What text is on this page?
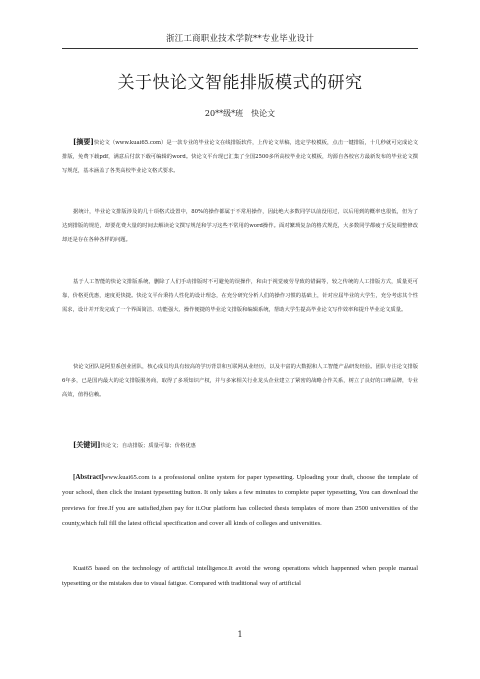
浙江工商职业技术学院**专业毕业设计
关于快论文智能排版模式的研究
20**级*班　快论文

[摘要]快论文（www.kuai65.com）是一款专业的毕业论文在线排版软件，上传论文草稿，选定学校模板，点击一键排版，十几秒就可完成论文排版，免费下载pdf，满意后付款下载可编辑的word。快论文平台现已汇集了全国2500多所高校毕业论文模板，均源自各校官方最新发布的毕业论文撰写规范，基本涵盖了各类高校毕业论文格式要求。

据统计，毕业论文排版涉及的几十项格式设置中，80%的操作都属于不常用操作，因此绝大多数同学以前没用过，以后用到的概率也很低，但为了达到排版的规范，却要花费大量的时间去解读论文撰写规范和学习这些不常用的word操作。面对繁琐复杂的格式规范，大多数同学都疲于反复调整修改却还是存在各种各样的问题。

基于人工智能的快论文排版系统，删除了人们手动排版时不可避免的误操作，和由于视觉疲劳导致的错漏等，较之传统的人工排版方式，质量更可靠，价格更优惠，速度更快捷。快论文平台秉持人性化的设计理念，在充分研究分析人们的操作习惯的基础上，针对应届毕业的大学生，充分考虑其个性需求，设计并开发完成了一个界面简洁、功能强大、操作便捷的毕业论文排版和编辑系统，帮助大学生提高毕业论文写作效率和提升毕业论文质量。

快论文团队是阿里系创业团队，核心成员均具有较高的学历背景和互联网从业经历，以及丰富的大数据和人工智能产品研发经验。团队专注论文排版6年多，已是国内最大的论文排版服务商，取得了多项知识产权，并与多家相关行业龙头企业建立了紧密的战略合作关系，树立了良好的口碑品牌，专业高效，值得信赖。

[关键词]快论文；自动排版；质量可靠；价格优惠

[Abstract]www.kuai65.com is a professional online system for paper typesetting. Uploading your draft, choose the template of your school, then click the instant typesetting button. It only takes a few minutes to complete paper typesetting, You can download the previews for free.If you are satisfied,then pay for it.Our platform has collected thesis templates of more than 2500 universities of the county,which full fill the latest official specification and cover all kinds of colleges and universities.

Kuai65 based on the technology of artificial intelligence.It avoid the wrong operations which happenned when people manual typesetting or the mistakes due to visual fatigue. Compared with traditional way of artificial

1
